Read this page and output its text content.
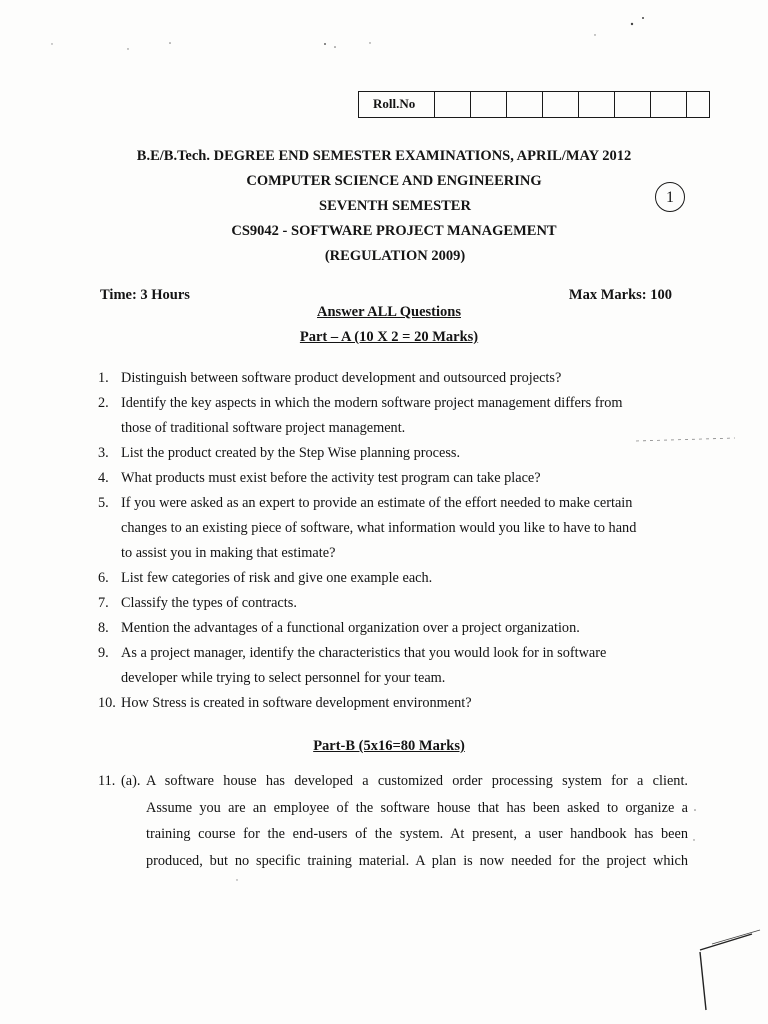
Roll.No
B.E/B.Tech. DEGREE END SEMESTER EXAMINATIONS, APRIL/MAY 2012
COMPUTER SCIENCE AND ENGINEERING
SEVENTH SEMESTER
CS9042 - SOFTWARE PROJECT MANAGEMENT
(REGULATION 2009)
1
Time: 3 Hours	Max Marks: 100
Answer ALL Questions
Part – A (10 X 2 = 20 Marks)
1. Distinguish between software product development and outsourced projects?
2. Identify the key aspects in which the modern software project management differs from
those of traditional software project management.
3. List the product created by the Step Wise planning process.
4. What products must exist before the activity test program can take place?
5. If you were asked as an expert to provide an estimate of the effort needed to make certain
changes to an existing piece of software, what information would you like to have to hand
to assist you in making that estimate?
6. List few categories of risk and give one example each.
7. Classify the types of contracts.
8. Mention the advantages of a functional organization over a project organization.
9. As a project manager, identify the characteristics that you would look for in software
developer while trying to select personnel for your team.
10. How Stress is created in software development environment?
Part-B (5x16=80 Marks)
11. (a). A software house has developed a customized order processing system for a client.
Assume you are an employee of the software house that has been asked to organize a
training course for the end-users of the system. At present, a user handbook has been
produced, but no specific training material. A plan is now needed for the project which
